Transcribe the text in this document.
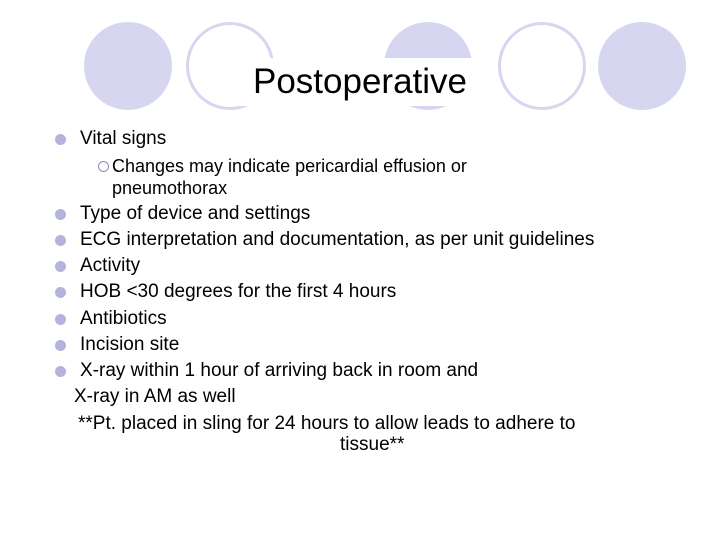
Postoperative
Vital signs
Changes may indicate pericardial effusion or
pneumothorax
Type of device and settings
ECG interpretation and documentation, as per unit guidelines
Activity
HOB <30 degrees for the first 4 hours
Antibiotics
Incision site
X-ray within 1 hour of arriving back in room and
X-ray in AM as well
**Pt. placed in sling for 24 hours to allow leads to adhere to
tissue**
